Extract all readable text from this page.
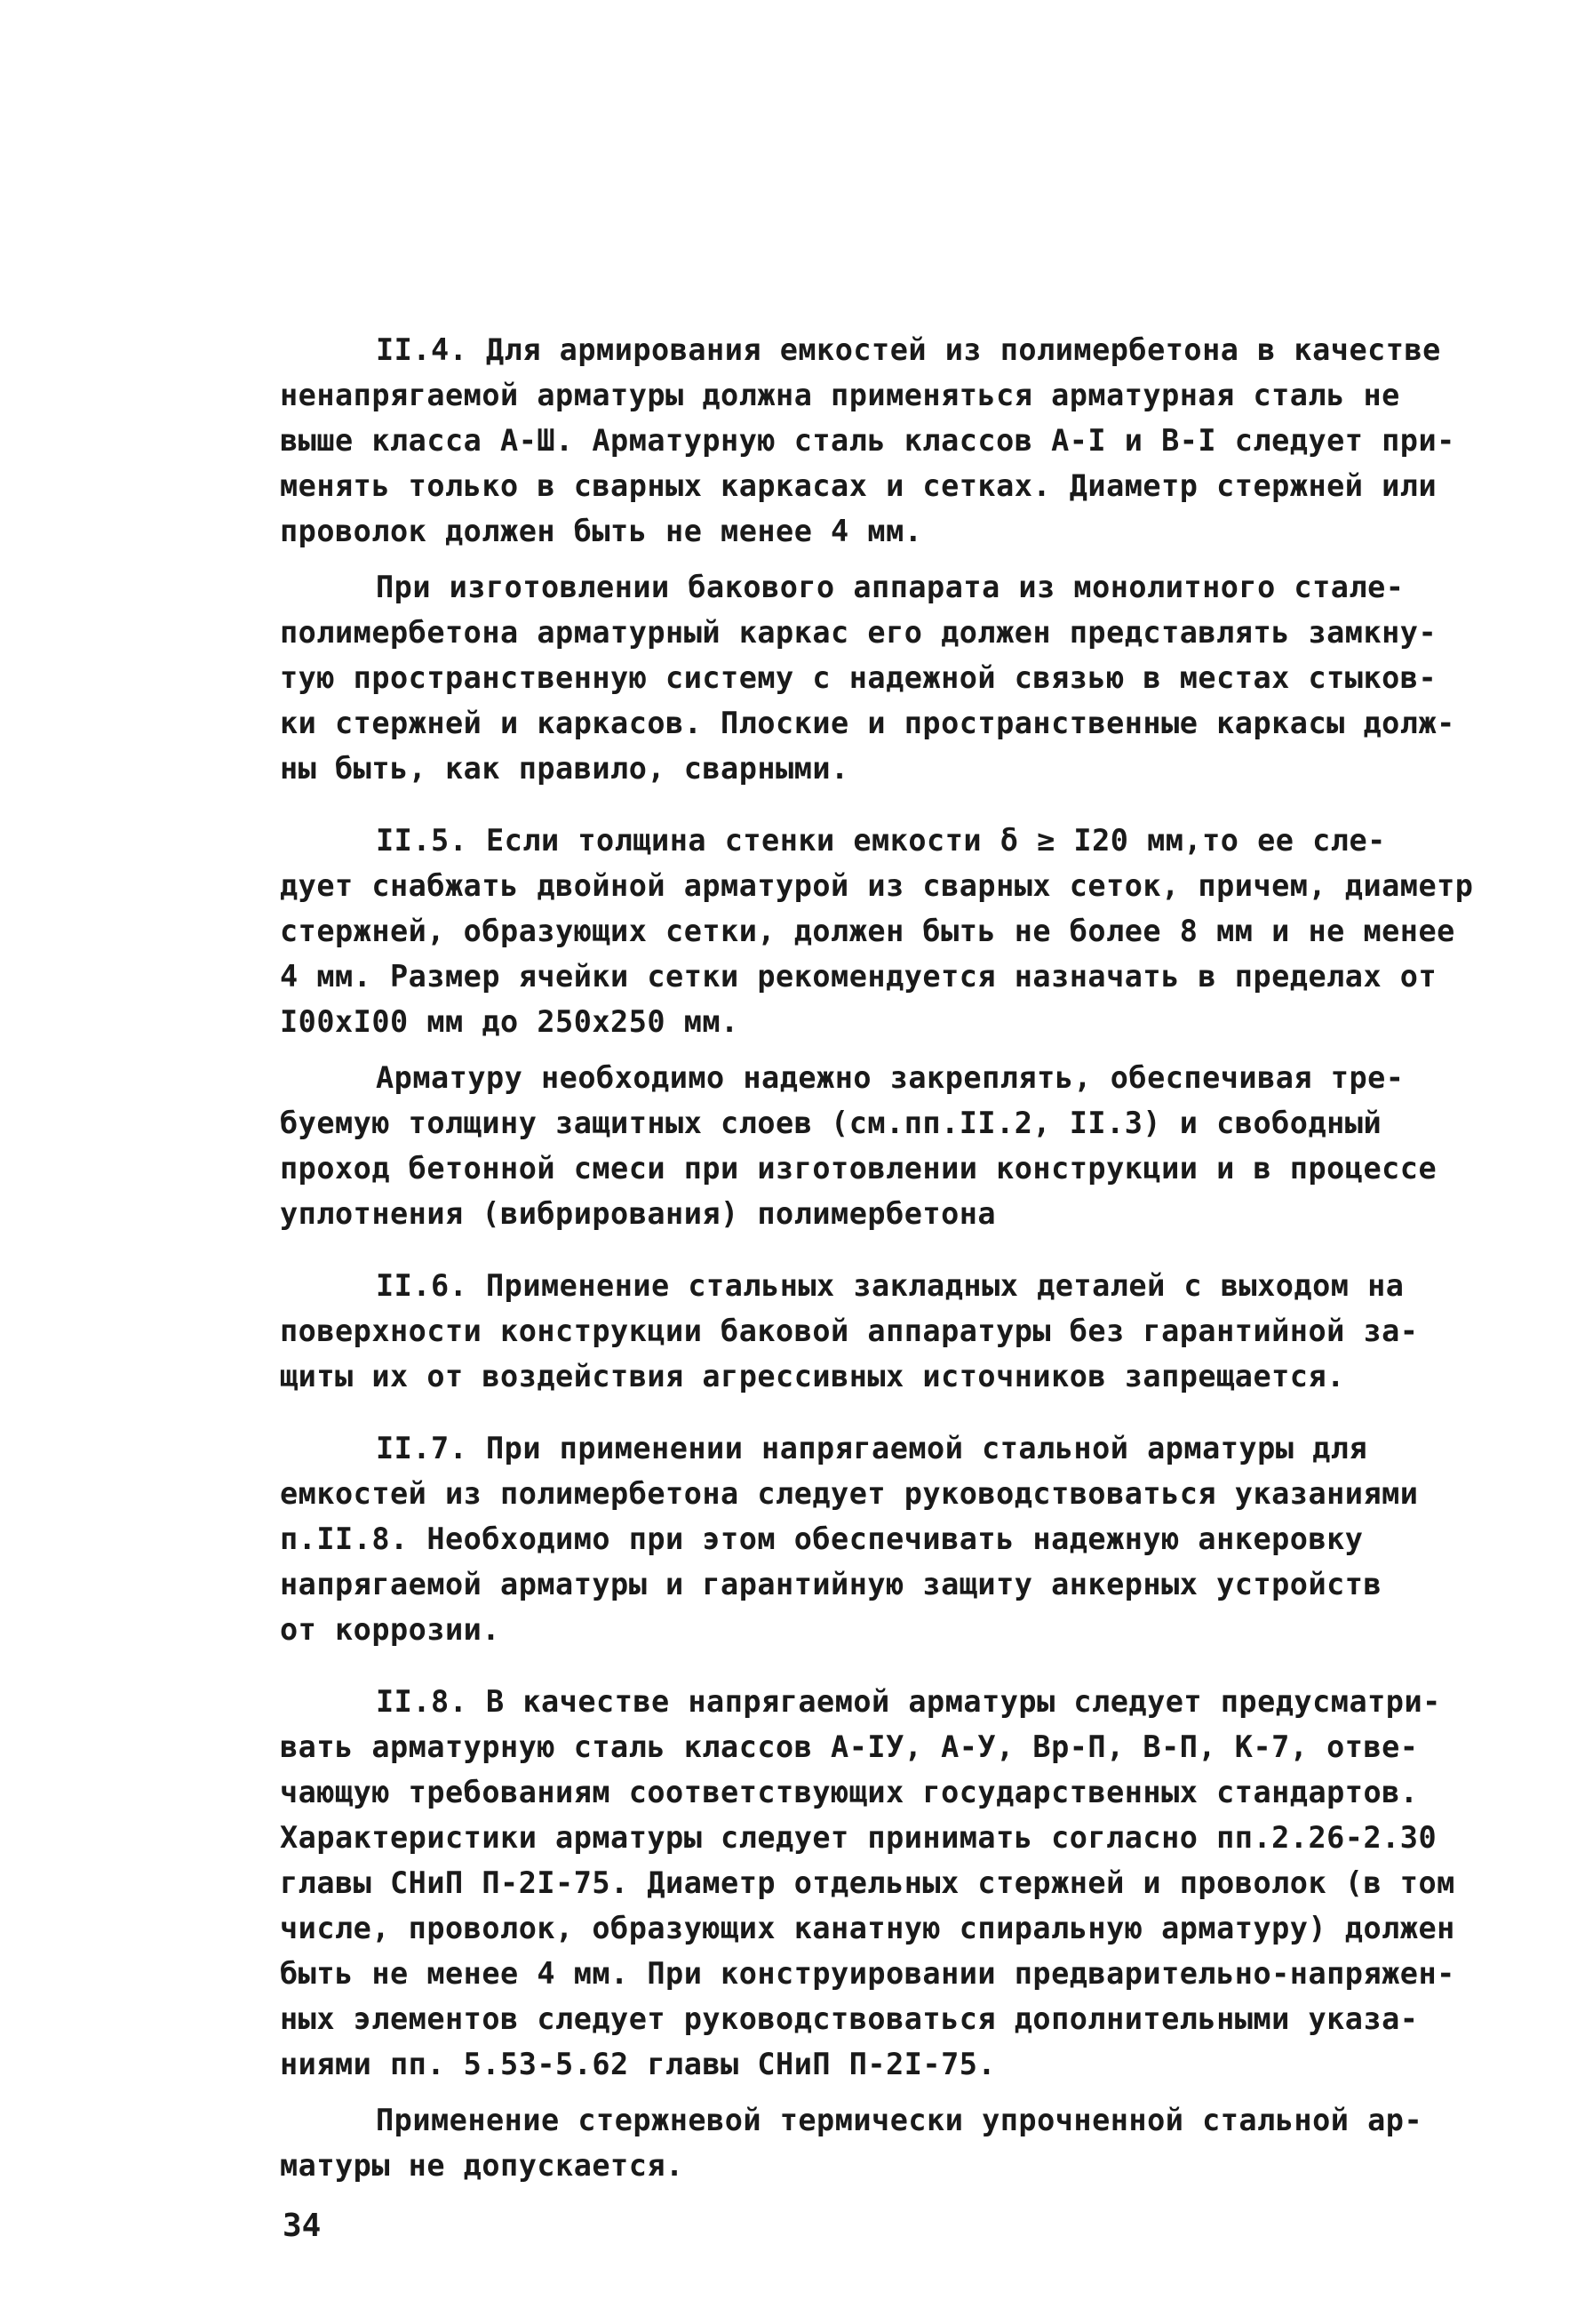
II.4. Для армирования емкостей из полимербетона в качестве
ненапрягаемой арматуры должна применяться арматурная сталь не
выше класса А-Ш. Арматурную сталь классов А-I и В-I следует при-
менять только в сварных каркасах и сетках. Диаметр стержней или
проволок должен быть не менее 4 мм.

При изготовлении бакового аппарата из монолитного стале-
полимербетона арматурный каркас его должен представлять замкну-
тую пространственную систему с надежной связью в местах стыков-
ки стержней и каркасов. Плоские и пространственные каркасы долж-
ны быть, как правило, сварными.

II.5. Если толщина стенки емкости δ ≥ I20 мм,то ее сле-
дует снабжать двойной арматурой из сварных сеток, причем, диаметр
стержней, образующих сетки, должен быть не более 8 мм и не менее
4 мм. Размер ячейки сетки рекомендуется назначать в пределах от
I00xI00 мм до 250x250 мм.

Арматуру необходимо надежно закреплять, обеспечивая тре-
буемую толщину защитных слоев (см.пп.II.2, II.3) и свободный
проход бетонной смеси при изготовлении конструкции и в процессе
уплотнения (вибрирования) полимербетона

II.6. Применение стальных закладных деталей с выходом на
поверхности конструкции баковой аппаратуры без гарантийной за-
щиты их от воздействия агрессивных источников запрещается.

II.7. При применении напрягаемой стальной арматуры для
емкостей из полимербетона следует руководствоваться указаниями
п.II.8. Необходимо при этом обеспечивать надежную анкеровку
напрягаемой арматуры и гарантийную защиту анкерных устройств
от коррозии.

II.8. В качестве напрягаемой арматуры следует предусматри-
вать арматурную сталь классов А-IУ, А-У, Вр-П, В-П, К-7, отве-
чающую требованиям соответствующих государственных стандартов.
Характеристики арматуры следует принимать согласно пп.2.26-2.30
главы СНиП П-2I-75. Диаметр отдельных стержней и проволок (в том
числе, проволок, образующих канатную спиральную арматуру) должен
быть не менее 4 мм. При конструировании предварительно-напряжен-
ных элементов следует руководствоваться дополнительными указа-
ниями пп. 5.53-5.62 главы СНиП П-2I-75.

Применение стержневой термически упрочненной стальной ар-
матуры не допускается.

34
